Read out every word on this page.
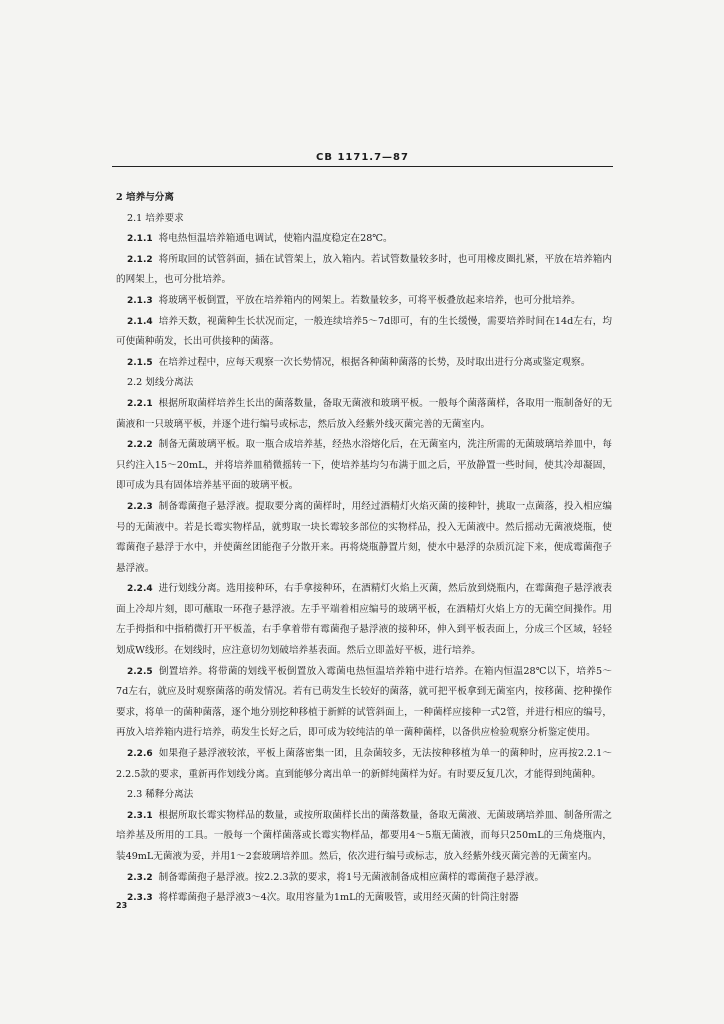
CB 1171.7—87

2 培养与分离

2.1 培养要求

2.1.1 将电热恒温培养箱通电调试，使箱内温度稳定在28℃。

2.1.2 将所取回的试管斜面，插在试管架上，放入箱内。若试管数量较多时，也可用橡皮圈扎紧，平放在培养箱内的网架上，也可分批培养。

2.1.3 将玻璃平板倒置，平放在培养箱内的网架上。若数量较多，可将平板叠放起来培养，也可分批培养。

2.1.4 培养天数，视菌种生长状况而定，一般连续培养5～7d即可，有的生长缓慢，需要培养时间在14d左右，均可使菌种萌发，长出可供接种的菌落。

2.1.5 在培养过程中，应每天观察一次长势情况，根据各种菌种菌落的长势，及时取出进行分离或鉴定观察。

2.2 划线分离法

2.2.1 根据所取菌样培养生长出的菌落数量，备取无菌液和玻璃平板。一般每个菌落菌样，各取用一瓶制备好的无菌液和一只玻璃平板，并逐个进行编号或标志，然后放入经紫外线灭菌完善的无菌室内。

2.2.2 制备无菌玻璃平板。取一瓶合成培养基，经热水浴熔化后，在无菌室内，洗注所需的无菌玻璃培养皿中，每只约注入15～20mL，并将培养皿稍微摇转一下，使培养基均匀布满于皿之后，平放静置一些时间，使其冷却凝固，即可成为具有固体培养基平面的玻璃平板。

2.2.3 制备霉菌孢子悬浮液。提取要分离的菌样时，用经过酒精灯火焰灭菌的接种针，挑取一点菌落，投入相应编号的无菌液中。若是长霉实物样品，就剪取一块长霉较多部位的实物样品，投入无菌液中。然后摇动无菌液烧瓶，使霉菌孢子悬浮于水中，并使菌丝团能孢子分散开来。再将烧瓶静置片刻，使水中悬浮的杂质沉淀下来，便成霉菌孢子悬浮液。

2.2.4 进行划线分离。选用接种环，右手拿接种环，在酒精灯火焰上灭菌，然后放到烧瓶内，在霉菌孢子悬浮液表面上冷却片刻，即可蘸取一环孢子悬浮液。左手平端着相应编号的玻璃平板，在酒精灯火焰上方的无菌空间操作。用左手拇指和中指稍微打开平板盖，右手拿着带有霉菌孢子悬浮液的接种环，伸入到平板表面上，分成三个区域，轻轻划成W线形。在划线时，应注意切勿划破培养基表面。然后立即盖好平板，进行培养。

2.2.5 倒置培养。将带菌的划线平板倒置放入霉菌电热恒温培养箱中进行培养。在箱内恒温28℃以下，培养5～7d左右，就应及时观察菌落的萌发情况。若有已萌发生长较好的菌落，就可把平板拿到无菌室内，按移菌、挖种操作要求，将单一的菌种菌落，逐个地分别挖种移植于新鲜的试管斜面上，一种菌样应接种一式2管，并进行相应的编号，再放入培养箱内进行培养，萌发生长好之后，即可成为较纯洁的单一菌种菌样，以备供应检验观察分析鉴定使用。

2.2.6 如果孢子悬浮液较浓，平板上菌落密集一团，且杂菌较多，无法按种移植为单一的菌种时，应再按2.2.1～2.2.5款的要求，重新再作划线分离。直到能够分离出单一的新鲜纯菌样为好。有时要反复几次，才能得到纯菌种。

2.3 稀释分离法

2.3.1 根据所取长霉实物样品的数量，或按所取菌样长出的菌落数量，备取无菌液、无菌玻璃培养皿、制备所需之培养基及所用的工具。一般每一个菌样菌落或长霉实物样品，都要用4～5瓶无菌液，而每只250mL的三角烧瓶内，装49mL无菌液为妥，并用1～2套玻璃培养皿。然后，依次进行编号或标志，放入经紫外线灭菌完善的无菌室内。

2.3.2 制备霉菌孢子悬浮液。按2.2.3款的要求，将1号无菌液制备成相应菌样的霉菌孢子悬浮液。

2.3.3 将样霉菌孢子悬浮液3～4次。取用容量为1mL的无菌吸管，或用经灭菌的针筒注射器

23
